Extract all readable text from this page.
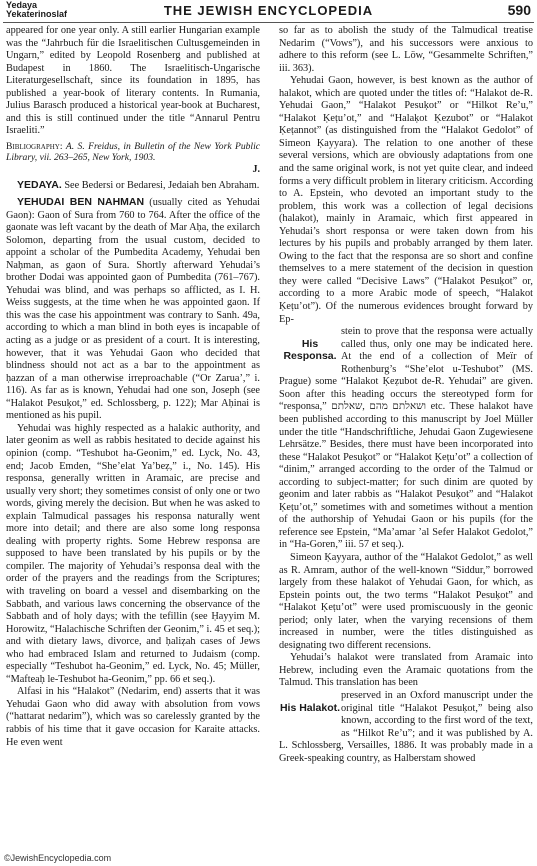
Yedaya
Yekaterinoslaf	THE JEWISH ENCYCLOPEDIA	590

appeared for one year only. A still earlier Hungarian example was the “Jahrbuch für die Israelitischen Cultusgemeinden in Ungarn,” edited by Leopold Rosenberg and published at Budapest in 1860. The Israelitisch-Ungarische Literaturgesellschaft, since its foundation in 1895, has published a year-book of literary contents. In Rumania, Julius Barasch produced a historical year-book at Bucharest, and this is still continued under the title “Annarul Pentru Israeliti.”

Bibliography: A. S. Freidus, in Bulletin of the New York Public Library, vii. 263–265, New York, 1903.

J.

YEDAYA. See Bedersi or Bedaresi, Jedaiah ben Abraham.

YEHUDAI BEN NAHMAN (usually cited as Yehudai Gaon): Gaon of Sura from 760 to 764. After the office of the gaonate was left vacant by the death of Mar Aḥa, the exilarch Solomon, departing from the usual custom, decided to appoint a scholar of the Pumbedita Academy, Yehudai ben Naḥman, as gaon of Sura. Shortly afterward Yehudai’s brother Dodai was appointed gaon of Pumbedita (761–767). Yehudai was blind, and was perhaps so afflicted, as I. H. Weiss suggests, at the time when he was appointed gaon. If this was the case his appointment was contrary to Sanh. 49a, according to which a man blind in both eyes is incapable of acting as a judge or as president of a court. It is interesting, however, that it was Yehudai Gaon who decided that blindness should not act as a bar to the appointment as ḥazzan of a man otherwise irreproachable (“Or Zarua’,” i. 116). As far as is known, Yehudai had one son, Joseph (see “Halakot Pesuḳot,” ed. Schlossberg, p. 122); Mar Aḥinai is mentioned as his pupil.

Yehudai was highly respected as a halakic authority, and later geonim as well as rabbis hesitated to decide against his opinion (comp. “Teshubot ha-Geonim,” ed. Lyck, No. 43, end; Jacob Emden, “She’elat Ya’beẓ,” i., No. 145). His responsa, generally written in Aramaic, are precise and usually very short; they sometimes consist of only one or two words, giving merely the decision. But when he was asked to explain Talmudical passages his responsa naturally went more into detail; and there are also some long responsa dealing with property rights. Some Hebrew responsa are supposed to have been translated by his pupils or by the compiler. The majority of Yehudai’s responsa deal with the order of the prayers and the readings from the Scriptures; with traveling on board a vessel and disembarking on the Sabbath, and various laws concerning the observance of the Sabbath and of holy days; with the tefillin (see Ḥayyim M. Horowitz, “Halachische Schriften der Geonim,” i. 45 et seq.); and with dietary laws, divorce, and ḥaliẓah cases of Jews who had embraced Islam and returned to Judaism (comp. especially “Teshubot ha-Geonim,” ed. Lyck, No. 45; Müller, “Mafteaḥ le-Teshubot ha-Geonim,” pp. 66 et seq.).

Alfasi in his “Halakot” (Nedarim, end) asserts that it was Yehudai Gaon who did away with absolution from vows (“hattarat nedarim”), which was so carelessly granted by the rabbis of his time that it gave occasion for Karaite attacks. He even went

so far as to abolish the study of the Talmudical treatise Nedarim (“Vows”), and his successors were anxious to adhere to this reform (see L. Löw, “Gesammelte Schriften,” iii. 363).

Yehudai Gaon, however, is best known as the author of halakot, which are quoted under the titles of: “Halakot de-R. Yehudai Gaon,” “Halakot Pesuḳot” or “Hilkot Re’u,” “Halakot Ḳeṭu’ot,” and “Halaḳot Ḳezubot” or “Halakot Ḳeṭannot” (as distinguished from the “Halakot Gedolot” of Simeon Ḳayyara). The relation to one another of these several versions, which are obviously adaptations from one and the same original work, is not yet quite clear, and indeed forms a very difficult problem in literary criticism. According to A. Epstein, who devoted an important study to the problem, this work was a collection of legal decisions (halakot), mainly in Aramaic, which first appeared in Yehudai’s short responsa or were taken down from his lectures by his pupils and probably arranged by them later. Owing to the fact that the responsa are so short and confine themselves to a mere statement of the decision in question they were called “Decisive Laws” (“Halakot Pesuḳot” or, according to a more Arabic mode of speech, “Halakot Ḳeṭu’ot”). Of the numerous evidences brought forward by Ep-

His Responsa.

stein to prove that the responsa were actually called thus, only one may be indicated here. At the end of a collection of Meïr of Rothenburg’s “She’elot u-Teshubot” (MS. Prague) some “Halakot Ḳeẓubot de-R. Yehudai” are given. Soon after this heading occurs the stereotyped form for “responsa,” ושאלתם מהם ,שאלתם etc. These halakot have been published according to this manuscript by Joel Müller under the title “Handschriftliche, Jehudai Gaon Zugewiesene Lehrsätze.” Besides, there must have been incorporated into these “Halakot Pesuḳot” or “Halakot Ḳeṭu’ot” a collection of “dinim,” arranged according to the order of the Talmud or according to subject-matter; for such dinim are quoted by geonim and later rabbis as “Halakot Pesuḳot” and “Halakot Ḳeṭu’ot,” sometimes with and sometimes without a mention of the authorship of Yehudai Gaon or his pupils (for the reference see Epstein, “Ma’amar ’al Sefer Halakot Gedolot,” in “Ha-Goren,” iii. 57 et seq.).

Simeon Ḳayyara, author of the “Halakot Gedolot,” as well as R. Amram, author of the well-known “Siddur,” borrowed largely from these halakot of Yehudai Gaon, for which, as Epstein points out, the two terms “Halakot Pesuḳot” and “Halakot Ḳeṭu’ot” were used promiscuously in the geonic period; only later, when the varying recensions of them increased in number, were the titles distinguished as designating two different recensions.

Yehudai’s halakot were translated from Aramaic into Hebrew, including even the Aramaic quotations from the Talmud. This translation has been

His Halakot.

preserved in an Oxford manuscript under the original title “Halakot Pesuḳot,” being also known, according to the first word of the text, as “Hilkot Re’u”; and it was published by A. L. Schlossberg, Versailles, 1886. It was probably made in a Greek-speaking country, as Halberstam showed

©JewishEncyclopedia.com
